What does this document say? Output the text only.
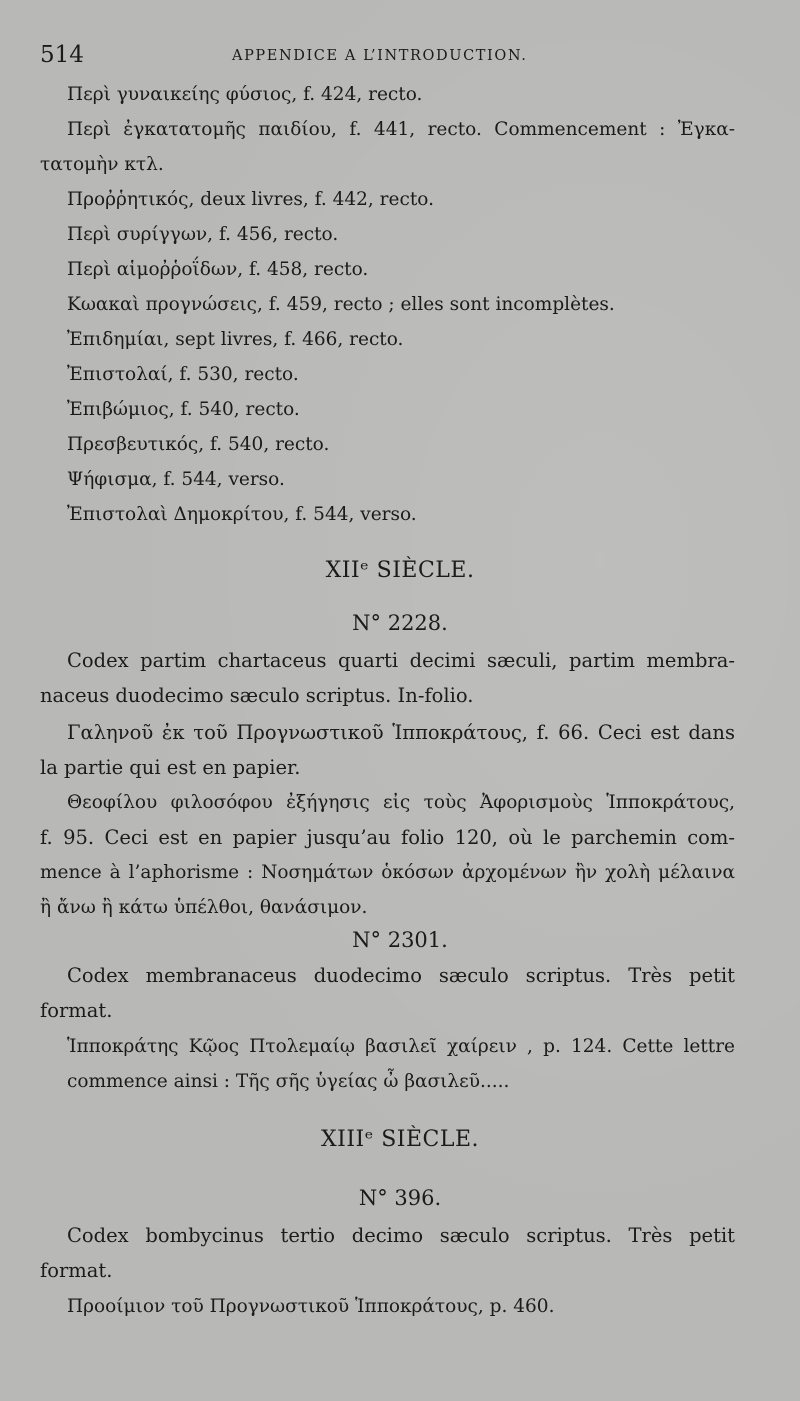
514	APPENDICE A L’INTRODUCTION.
Περὶ γυναικείης φύσιος, f. 424, recto.
Περὶ ἐγκατατομῆς παιδίου, f. 441, recto. Commencement : Ἐγκα-
τατομὴν κτλ.
Προῤῥητικός, deux livres, f. 442, recto.
Περὶ συρίγγων, f. 456, recto.
Περὶ αἱμοῤῥοΐδων, f. 458, recto.
Κωακαὶ προγνώσεις, f. 459, recto ; elles sont incomplètes.
Ἐπιδημίαι, sept livres, f. 466, recto.
Ἐπιστολαί, f. 530, recto.
Ἐπιβώμιος, f. 540, recto.
Πρεσβευτικός, f. 540, recto.
Ψήφισμα, f. 544, verso.
Ἐπιστολαὶ Δημοκρίτου, f. 544, verso.
XIIᵉ SIÈCLE.
N° 2228.
Codex partim chartaceus quarti decimi sæculi, partim membra-
naceus duodecimo sæculo scriptus. In-folio.
Γαληνοῦ ἐκ τοῦ Προγνωστικοῦ Ἱπποκράτους, f. 66. Ceci est dans
la partie qui est en papier.
Θεοφίλου φιλοσόφου ἐξήγησις εἰς τοὺς Ἀφορισμοὺς Ἱπποκράτους,
f. 95. Ceci est en papier jusqu’au folio 120, où le parchemin com-
mence à l’aphorisme : Νοσημάτων ὁκόσων ἀρχομένων ἢν χολὴ μέλαινα
ἢ ἄνω ἢ κάτω ὑπέλθοι, θανάσιμον.
N° 2301.
Codex membranaceus duodecimo sæculo scriptus. Très petit
format.
Ἱπποκράτης Κῷος Πτολεμαίῳ βασιλεῖ χαίρειν , p. 124. Cette lettre
commence ainsi : Τῆς σῆς ὑγείας ὦ βασιλεῦ.....
XIIIᵉ SIÈCLE.
N° 396.
Codex bombycinus tertio decimo sæculo scriptus. Très petit
format.
Προοίμιον τοῦ Προγνωστικοῦ Ἱπποκράτους, p. 460.
